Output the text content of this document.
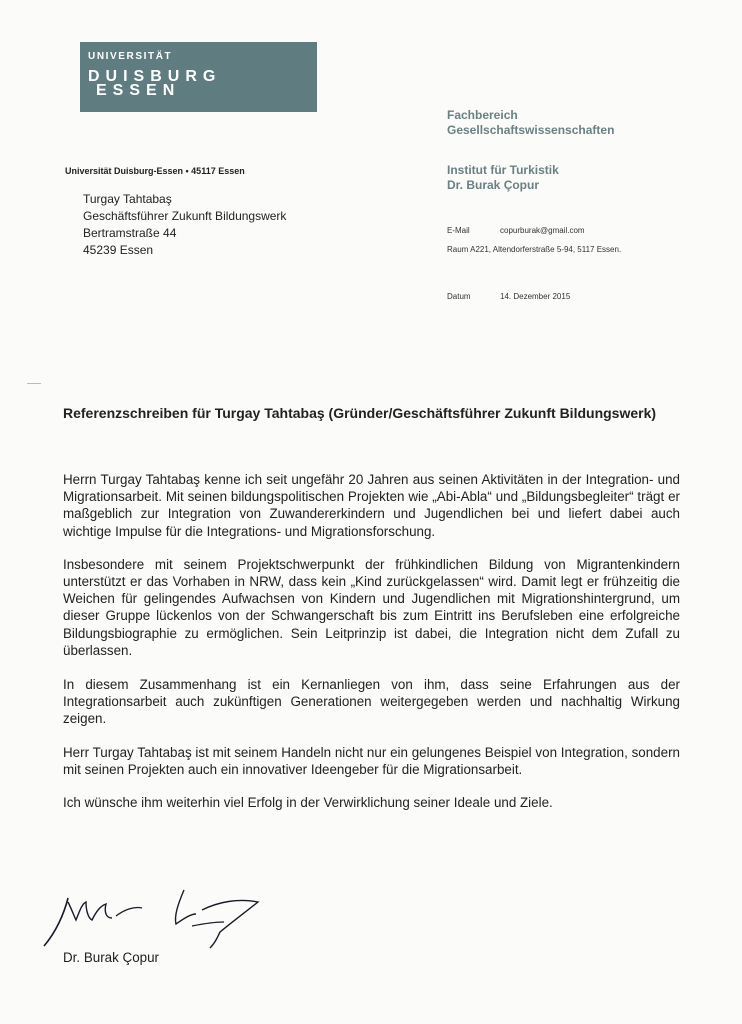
UNIVERSITÄT
DUISBURG
ESSEN
Fachbereich
Gesellschaftswissenschaften
Universität Duisburg-Essen • 45117 Essen
Turgay Tahtabaş
Geschäftsführer Zukunft Bildungswerk
Bertramstraße 44
45239 Essen
Institut für Turkistik
Dr. Burak Çopur
E-Mail	copurburak@gmail.com
Raum A221, Altendorferstraße 5-94, 5117 Essen.
Datum	14. Dezember 2015
Referenzschreiben für Turgay Tahtabaş (Gründer/Geschäftsführer Zukunft Bildungswerk)

Herrn Turgay Tahtabaş kenne ich seit ungefähr 20 Jahren aus seinen Aktivitäten in der Integration- und Migrationsarbeit. Mit seinen bildungspolitischen Projekten wie „Abi-Abla“ und „Bildungsbegleiter“ trägt er maßgeblich zur Integration von Zuwandererkindern und Jugendlichen bei und liefert dabei auch wichtige Impulse für die Integrations- und Migrationsforschung.

Insbesondere mit seinem Projektschwerpunkt der frühkindlichen Bildung von Migrantenkindern unterstützt er das Vorhaben in NRW, dass kein „Kind zurückgelassen“ wird. Damit legt er frühzeitig die Weichen für gelingendes Aufwachsen von Kindern und Jugendlichen mit Migrationshintergrund, um dieser Gruppe lückenlos von der Schwangerschaft bis zum Eintritt ins Berufsleben eine erfolgreiche Bildungsbiographie zu ermöglichen. Sein Leitprinzip ist dabei, die Integration nicht dem Zufall zu überlassen.

In diesem Zusammenhang ist ein Kernanliegen von ihm, dass seine Erfahrungen aus der Integrationsarbeit auch zukünftigen Generationen weitergegeben werden und nachhaltig Wirkung zeigen.

Herr Turgay Tahtabaş ist mit seinem Handeln nicht nur ein gelungenes Beispiel von Integration, sondern mit seinen Projekten auch ein innovativer Ideengeber für die Migrationsarbeit.

Ich wünsche ihm weiterhin viel Erfolg in der Verwirklichung seiner Ideale und Ziele.

Dr. Burak Çopur
